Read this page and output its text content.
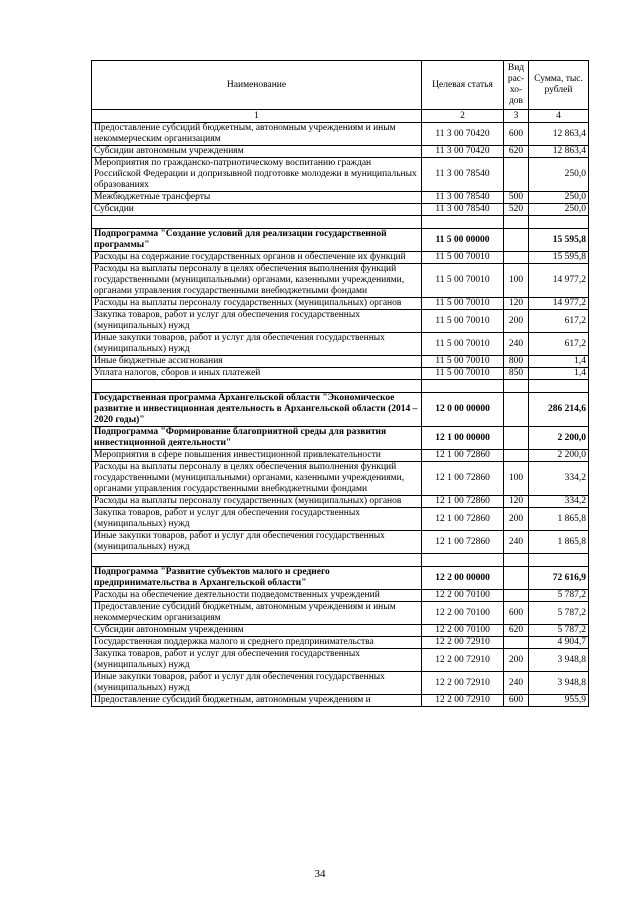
Наименование	Целевая статья	Вид рас-хо-дов	Сумма, тыс. рублей
1	2	3	4
Предоставление субсидий бюджетным, автономным учреждениям и иным некоммерческим организациям	11 3 00 70420	600	12 863,4
Субсидии автономным учреждениям	11 3 00 70420	620	12 863,4
Мероприятия по гражданско-патриотическому воспитанию граждан Российской Федерации и допризывной подготовке молодежи в муниципальных образованиях	11 3 00 78540		250,0
Межбюджетные трансферты	11 3 00 78540	500	250,0
Субсидии	11 3 00 78540	520	250,0

Подпрограмма "Создание условий для реализации государственной программы"	11 5 00 00000		15 595,8
Расходы на содержание государственных органов и обеспечение их функций	11 5 00 70010		15 595,8
Расходы на выплаты персоналу в целях обеспечения выполнения функций государственными (муниципальными) органами, казенными учреждениями, органами управления государственными внебюджетными фондами	11 5 00 70010	100	14 977,2
Расходы на выплаты персоналу государственных (муниципальных) органов	11 5 00 70010	120	14 977,2
Закупка товаров, работ и услуг для обеспечения государственных (муниципальных) нужд	11 5 00 70010	200	617,2
Иные закупки товаров, работ и услуг для обеспечения государственных (муниципальных) нужд	11 5 00 70010	240	617,2
Иные бюджетные ассигнования	11 5 00 70010	800	1,4
Уплата налогов, сборов и иных платежей	11 5 00 70010	850	1,4

Государственная программа Архангельской области "Экономическое развитие и инвестиционная деятельность в Архангельской области (2014 – 2020 годы)"	12 0 00 00000		286 214,6
Подпрограмма "Формирование благоприятной среды для развития инвестиционной деятельности"	12 1 00 00000		2 200,0
Мероприятия в сфере повышения инвестиционной привлекательности	12 1 00 72860		2 200,0
Расходы на выплаты персоналу в целях обеспечения выполнения функций государственными (муниципальными) органами, казенными учреждениями, органами управления государственными внебюджетными фондами	12 1 00 72860	100	334,2
Расходы на выплаты персоналу государственных (муниципальных) органов	12 1 00 72860	120	334,2
Закупка товаров, работ и услуг для обеспечения государственных (муниципальных) нужд	12 1 00 72860	200	1 865,8
Иные закупки товаров, работ и услуг для обеспечения государственных (муниципальных) нужд	12 1 00 72860	240	1 865,8

Подпрограмма "Развитие субъектов малого и среднего предпринимательства в Архангельской области"	12 2 00 00000		72 616,9
Расходы на обеспечение деятельности подведомственных учреждений	12 2 00 70100		5 787,2
Предоставление субсидий бюджетным, автономным учреждениям и иным некоммерческим организациям	12 2 00 70100	600	5 787,2
Субсидии автономным учреждениям	12 2 00 70100	620	5 787,2
Государственная поддержка малого и среднего предпринимательства	12 2 00 72910		4 904,7
Закупка товаров, работ и услуг для обеспечения государственных (муниципальных) нужд	12 2 00 72910	200	3 948,8
Иные закупки товаров, работ и услуг для обеспечения государственных (муниципальных) нужд	12 2 00 72910	240	3 948,8
Предоставление субсидий бюджетным, автономным учреждениям и	12 2 00 72910	600	955,9
34
